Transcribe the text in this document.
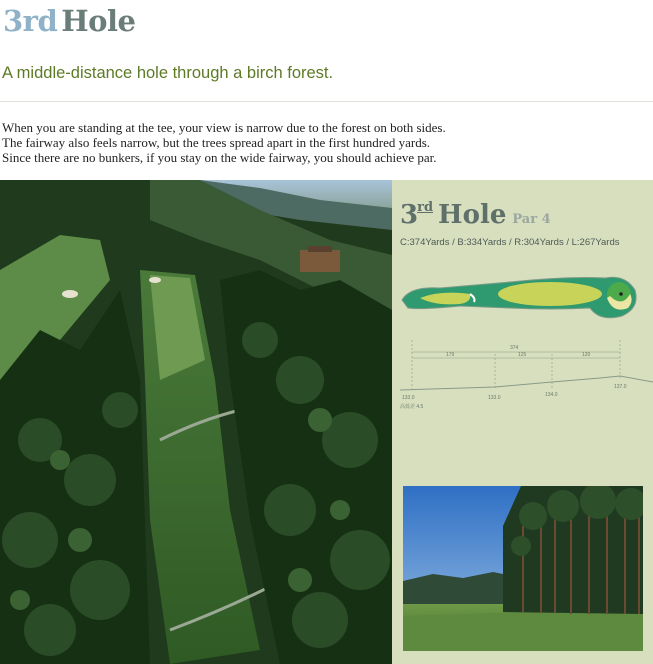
3rd Hole
A middle-distance hole through a birch forest.

When you are standing at the tee, your view is narrow due to the forest on both sides.

The fairway also feels narrow, but the trees spread apart in the first hundred yards.

Since there are no bunkers, if you stay on the wide fairway, you should achieve par.

3rd Hole Par 4
C:374Yards / B:334Yards / R:304Yards / L:267Yards
374
179	125	120
133.0	133.0	134.0
137.0
高低差 4.5
